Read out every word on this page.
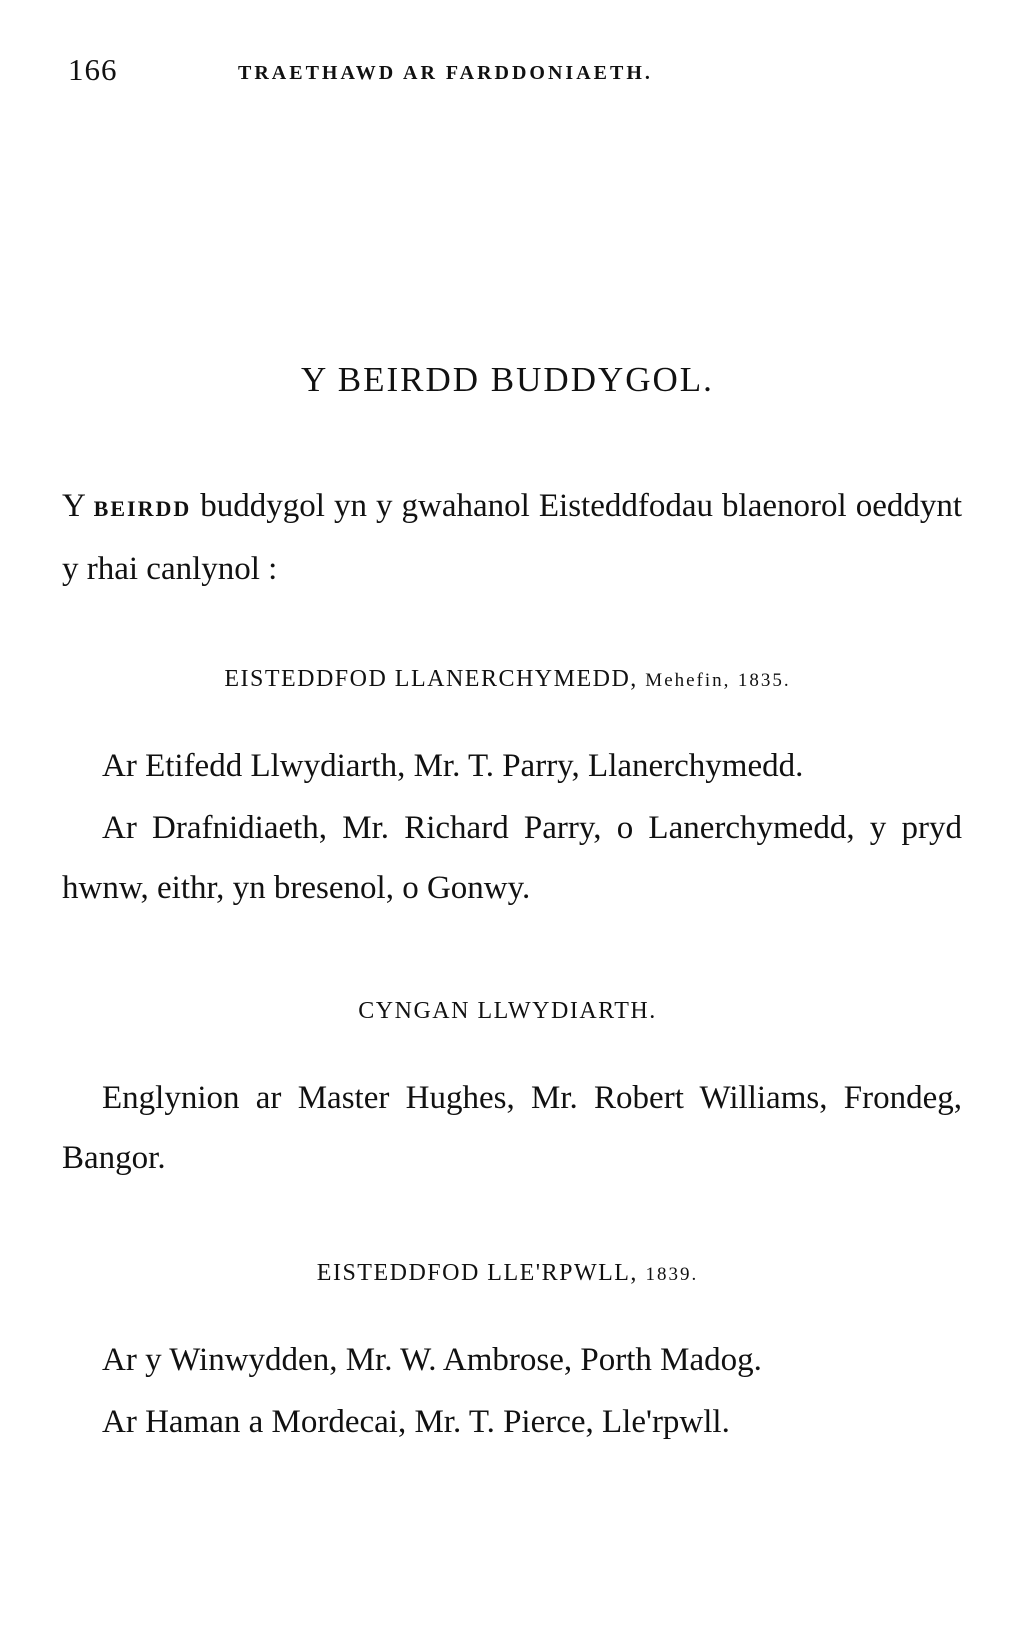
166	TRAETHAWD AR FARDDONIAETH.
Y BEIRDD BUDDYGOL.
Y BEIRDD buddygol yn y gwahanol Eisteddfodau blaenorol oeddynt y rhai canlynol :
EISTEDDFOD LLANERCHYMEDD, Mehefin, 1835.
Ar Etifedd Llwydiarth, Mr. T. Parry, Llanerchymedd.
Ar Drafnidiaeth, Mr. Richard Parry, o Lanerchymedd, y pryd hwnw, eithr, yn bresenol, o Gonwy.
CYNGAN LLWYDIARTH.
Englynion ar Master Hughes, Mr. Robert Williams, Frondeg, Bangor.
EISTEDDFOD LLE'RPWLL, 1839.
Ar y Winwydden, Mr. W. Ambrose, Porth Madog.
Ar Haman a Mordecai, Mr. T. Pierce, Lle'rpwll.
